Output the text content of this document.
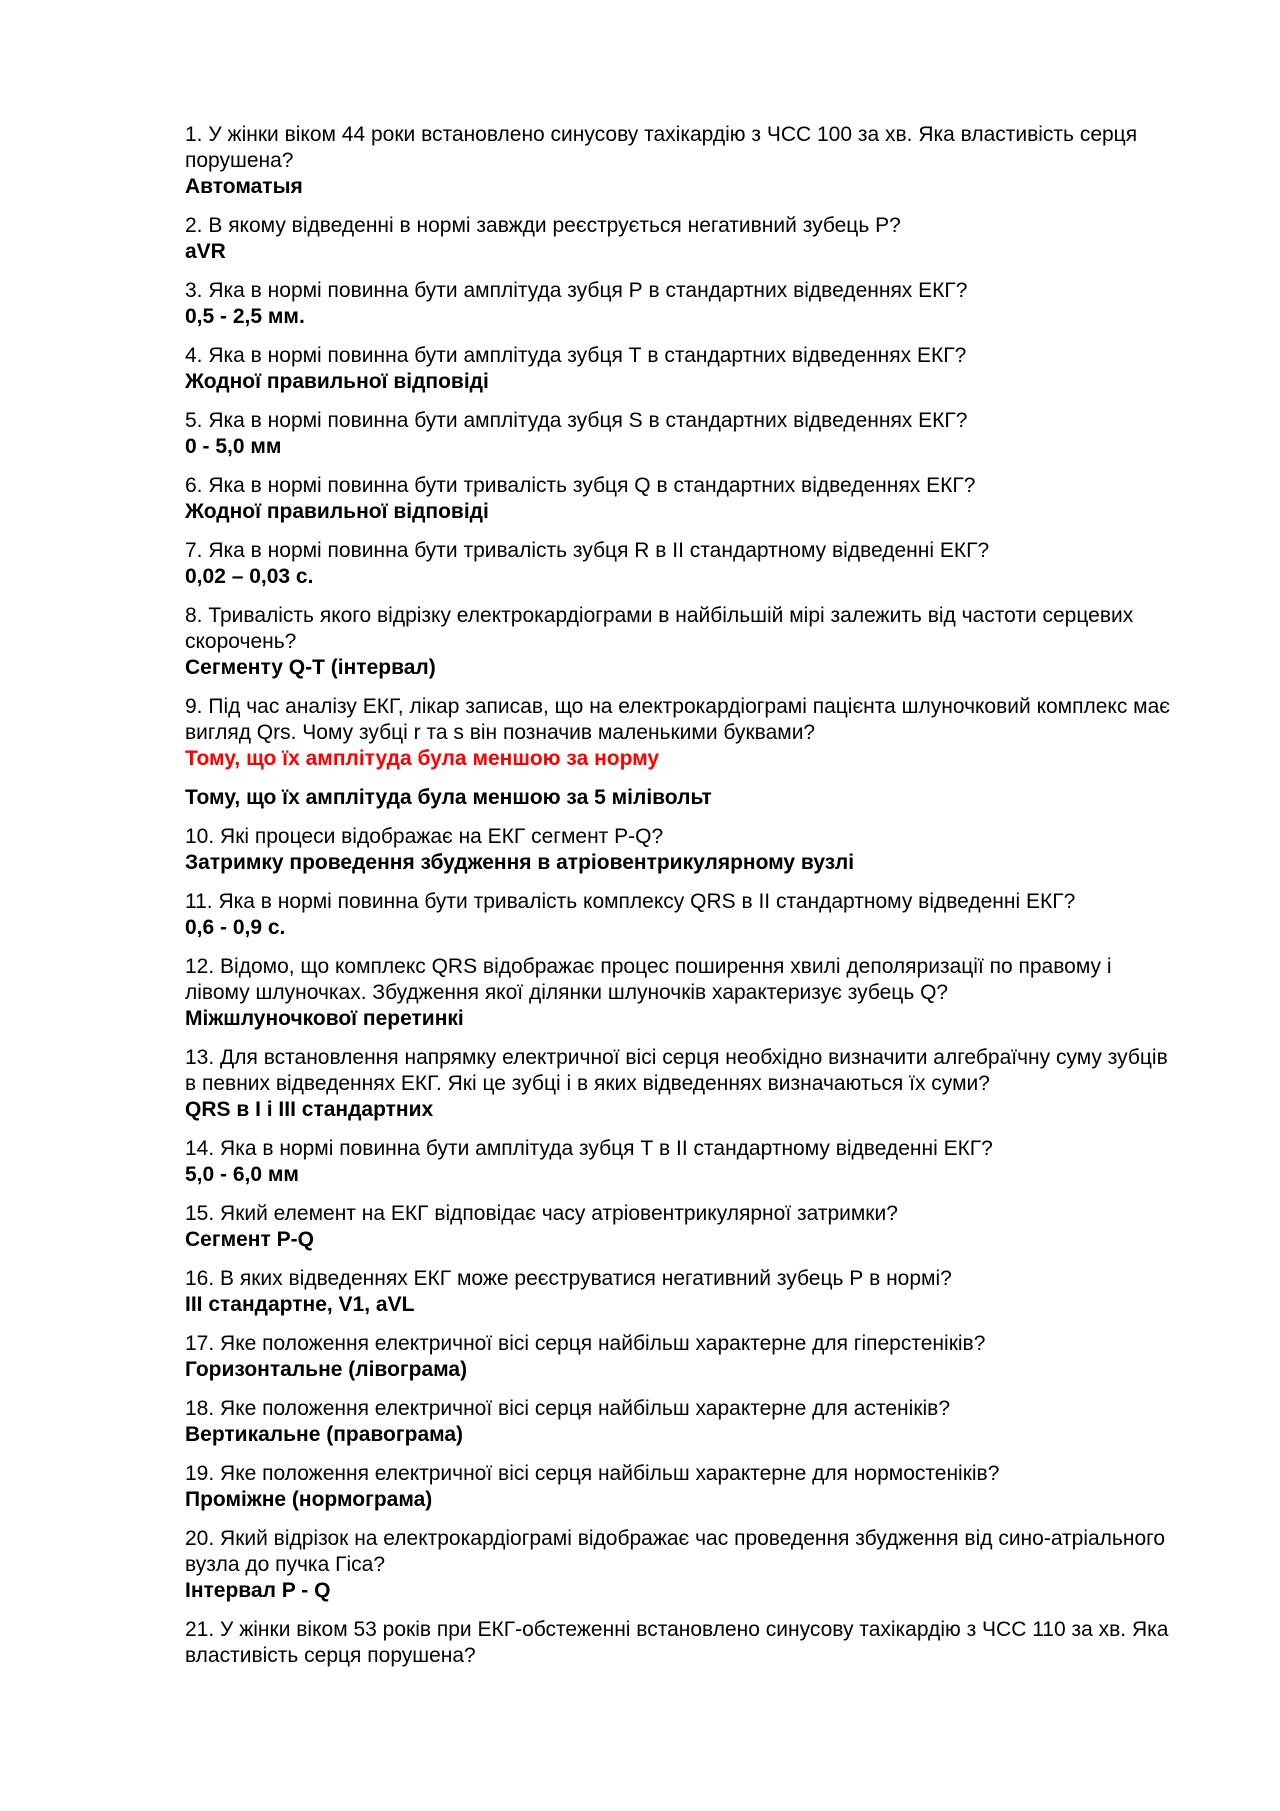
1. У жінки віком 44 роки встановлено синусову тахікардію з ЧСС 100 за хв. Яка властивість серця порушена?
Автоматыя
2. В якому відведенні в нормі завжди реєструється негативний зубець Р?
aVR
3. Яка в нормі повинна бути амплітуда зубця Р в стандартних відведеннях ЕКГ?
0,5 - 2,5 мм.
4. Яка в нормі повинна бути амплітуда зубця Т в стандартних відведеннях ЕКГ?
Жодної правильної відповіді
5. Яка в нормі повинна бути амплітуда зубця S в стандартних відведеннях ЕКГ?
0 - 5,0 мм
6. Яка в нормі повинна бути тривалість зубця Q в стандартних відведеннях ЕКГ?
Жодної правильної відповіді
7. Яка в нормі повинна бути тривалість зубця R в ІІ стандартному відведенні ЕКГ?
0,02 – 0,03 с.
8. Тривалість якого відрізку електрокардіограми в найбільшій мірі залежить від частоти серцевих скорочень?
Сегменту Q-T (інтервал)
9. Під час аналізу ЕКГ, лікар записав, що на електрокардіограмі пацієнта шлуночковий комплекс має вигляд Qrs. Чому зубці r та s він позначив маленькими буквами?
Тому, що їх амплітуда була меншою за норму
Тому, що їх амплітуда була меншою за 5 мілівольт
10. Які процеси відображає на ЕКГ сегмент P-Q?
Затримку проведення збудження в атріовентрикулярному вузлі
11. Яка в нормі повинна бути тривалість комплексу QRS в ІІ стандартному відведенні ЕКГ?
0,6 - 0,9 с.
12. Відомо, що комплекс QRS відображає процес поширення хвилі деполяризації по правому і лівому шлуночках. Збудження якої ділянки шлуночків характеризує зубець Q?
Міжшлуночкової перетинкі
13. Для встановлення напрямку електричної вісі серця необхідно визначити алгебраїчну суму зубців в певних відведеннях ЕКГ. Які це зубці і в яких відведеннях визначаються їх суми?
QRS в I і III стандартних
14. Яка в нормі повинна бути амплітуда зубця Т в ІІ стандартному відведенні ЕКГ?
5,0 - 6,0 мм
15. Який елемент на ЕКГ відповідає часу атріовентрикулярної затримки?
Сегмент P-Q
16. В яких відведеннях ЕКГ може реєструватися негативний зубець Р в нормі?
ІІІ стандартне, V1, aVL
17. Яке положення електричної вісі серця найбільш характерне для гіперстеніків?
Горизонтальне (лівограма)
18. Яке положення електричної вісі серця найбільш характерне для астеніків?
Вертикальне (правограма)
19. Яке положення електричної вісі серця найбільш характерне для нормостеніків?
Проміжне (нормограма)
20. Який відрізок на електрокардіограмі відображає час проведення збудження від сино-атріального вузла до пучка Гіса?
Інтервал P - Q
21. У жінки віком 53 років при ЕКГ-обстеженні встановлено синусову тахікардію з ЧСС 110 за хв. Яка властивість серця порушена?
